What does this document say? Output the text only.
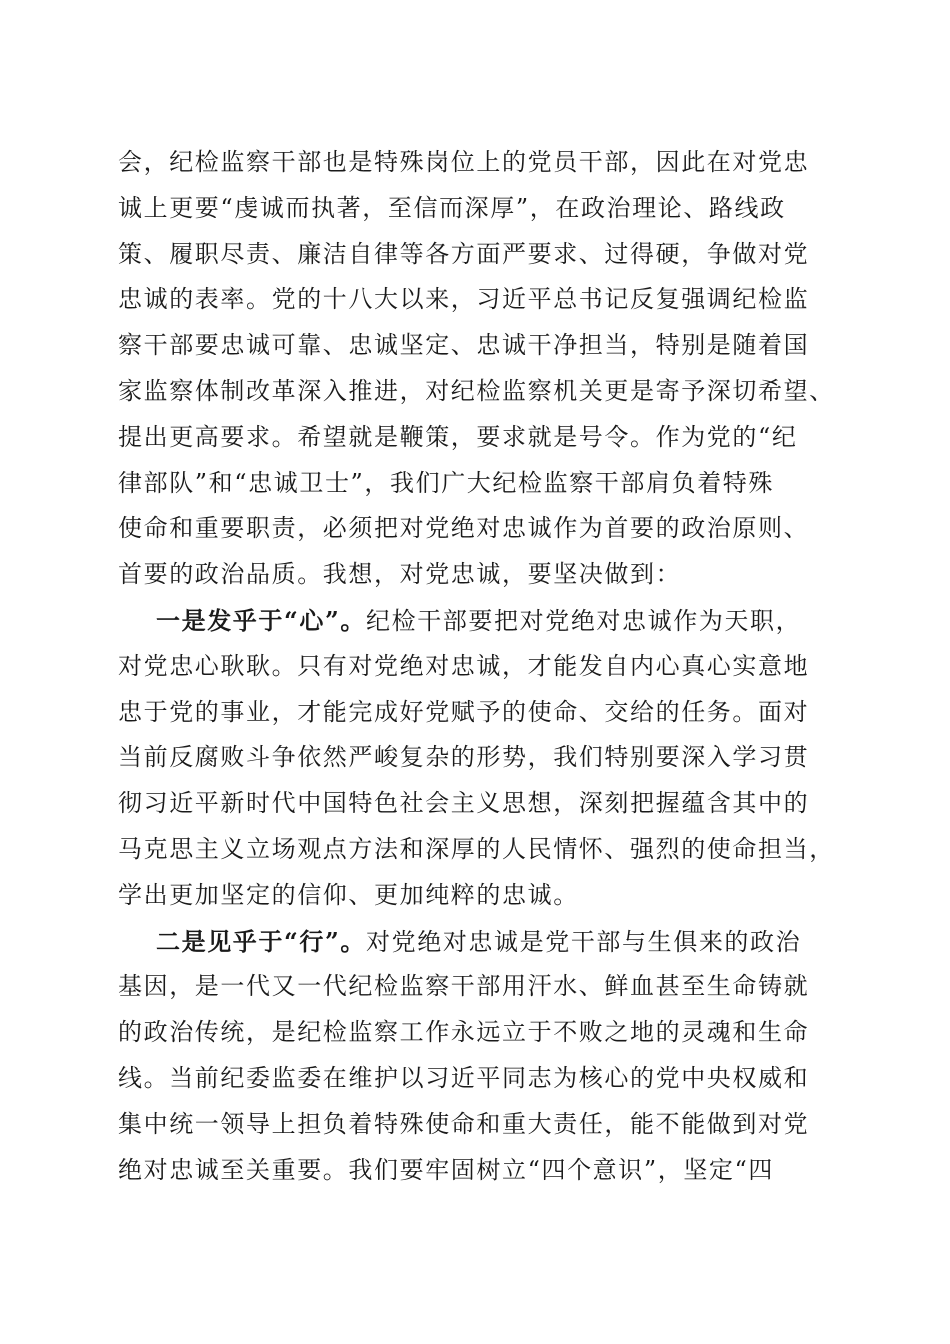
会，纪检监察干部也是特殊岗位上的党员干部，因此在对党忠
诚上更要“虔诚而执著，至信而深厚”，在政治理论、路线政
策、履职尽责、廉洁自律等各方面严要求、过得硬，争做对党
忠诚的表率。党的十八大以来，习近平总书记反复强调纪检监
察干部要忠诚可靠、忠诚坚定、忠诚干净担当，特别是随着国
家监察体制改革深入推进，对纪检监察机关更是寄予深切希望、
提出更高要求。希望就是鞭策，要求就是号令。作为党的“纪
律部队”和“忠诚卫士”，我们广大纪检监察干部肩负着特殊
使命和重要职责，必须把对党绝对忠诚作为首要的政治原则、
首要的政治品质。我想，对党忠诚，要坚决做到：
一是发乎于“心”。纪检干部要把对党绝对忠诚作为天职，
对党忠心耿耿。只有对党绝对忠诚，才能发自内心真心实意地
忠于党的事业，才能完成好党赋予的使命、交给的任务。面对
当前反腐败斗争依然严峻复杂的形势，我们特别要深入学习贯
彻习近平新时代中国特色社会主义思想，深刻把握蕴含其中的
马克思主义立场观点方法和深厚的人民情怀、强烈的使命担当，
学出更加坚定的信仰、更加纯粹的忠诚。
二是见乎于“行”。对党绝对忠诚是党干部与生俱来的政治
基因，是一代又一代纪检监察干部用汗水、鲜血甚至生命铸就
的政治传统，是纪检监察工作永远立于不败之地的灵魂和生命
线。当前纪委监委在维护以习近平同志为核心的党中央权威和
集中统一领导上担负着特殊使命和重大责任，能不能做到对党
绝对忠诚至关重要。我们要牢固树立“四个意识”，坚定“四
